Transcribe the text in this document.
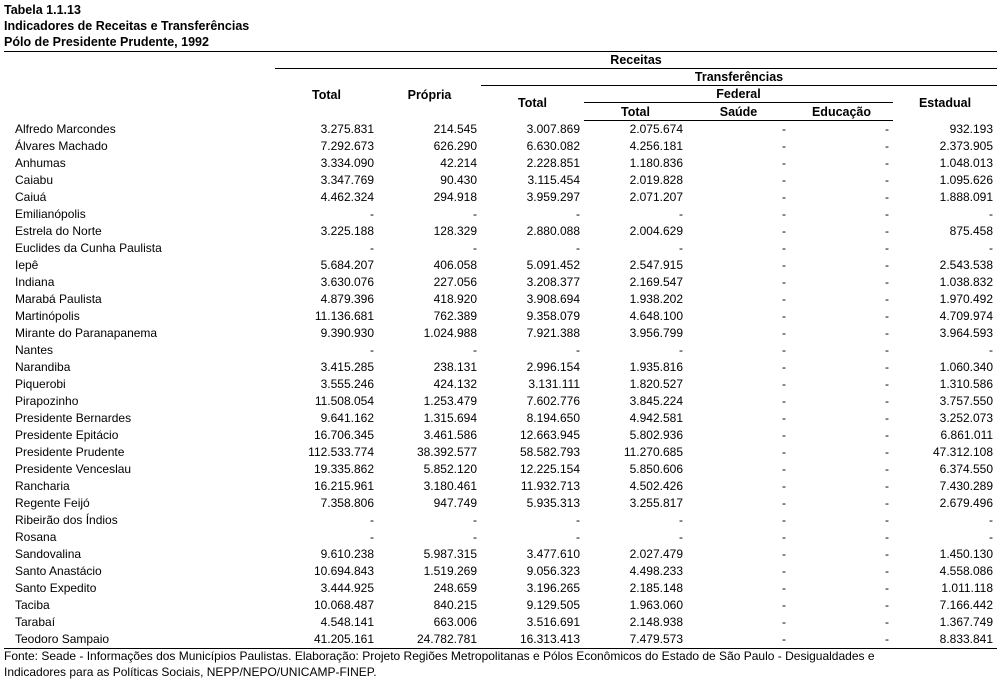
Tabela 1.1.13
Indicadores de Receitas e Transferências
Pólo de Presidente Prudente, 1992
	Receitas						
	Total	Própria	Transferências				
			Total	Federal			Estadual
				Total	Saúde	Educação	
Alfredo Marcondes	3.275.831	214.545	3.007.869	2.075.674	-	-	932.193
Álvares Machado	7.292.673	626.290	6.630.082	4.256.181	-	-	2.373.905
Anhumas	3.334.090	42.214	2.228.851	1.180.836	-	-	1.048.013
Caiabu	3.347.769	90.430	3.115.454	2.019.828	-	-	1.095.626
Caiuá	4.462.324	294.918	3.959.297	2.071.207	-	-	1.888.091
Emilianópolis	-	-	-	-	-	-	-
Estrela do Norte	3.225.188	128.329	2.880.088	2.004.629	-	-	875.458
Euclides da Cunha Paulista	-	-	-	-	-	-	-
Iepê	5.684.207	406.058	5.091.452	2.547.915	-	-	2.543.538
Indiana	3.630.076	227.056	3.208.377	2.169.547	-	-	1.038.832
Marabá Paulista	4.879.396	418.920	3.908.694	1.938.202	-	-	1.970.492
Martinópolis	11.136.681	762.389	9.358.079	4.648.100	-	-	4.709.974
Mirante do Paranapanema	9.390.930	1.024.988	7.921.388	3.956.799	-	-	3.964.593
Nantes	-	-	-	-	-	-	-
Narandiba	3.415.285	238.131	2.996.154	1.935.816	-	-	1.060.340
Piquerobi	3.555.246	424.132	3.131.111	1.820.527	-	-	1.310.586
Pirapozinho	11.508.054	1.253.479	7.602.776	3.845.224	-	-	3.757.550
Presidente Bernardes	9.641.162	1.315.694	8.194.650	4.942.581	-	-	3.252.073
Presidente Epitácio	16.706.345	3.461.586	12.663.945	5.802.936	-	-	6.861.011
Presidente Prudente	112.533.774	38.392.577	58.582.793	11.270.685	-	-	47.312.108
Presidente Venceslau	19.335.862	5.852.120	12.225.154	5.850.606	-	-	6.374.550
Rancharia	16.215.961	3.180.461	11.932.713	4.502.426	-	-	7.430.289
Regente Feijó	7.358.806	947.749	5.935.313	3.255.817	-	-	2.679.496
Ribeirão dos Índios	-	-	-	-	-	-	-
Rosana	-	-	-	-	-	-	-
Sandovalina	9.610.238	5.987.315	3.477.610	2.027.479	-	-	1.450.130
Santo Anastácio	10.694.843	1.519.269	9.056.323	4.498.233	-	-	4.558.086
Santo Expedito	3.444.925	248.659	3.196.265	2.185.148	-	-	1.011.118
Taciba	10.068.487	840.215	9.129.505	1.963.060	-	-	7.166.442
Tarabaí	4.548.141	663.006	3.516.691	2.148.938	-	-	1.367.749
Teodoro Sampaio	41.205.161	24.782.781	16.313.413	7.479.573	-	-	8.833.841
Fonte: Seade - Informações dos Municípios Paulistas. Elaboração: Projeto Regiões Metropolitanas e Pólos Econômicos do Estado de São Paulo - Desigualdades e
Indicadores para as Políticas Sociais, NEPP/NEPO/UNICAMP-FINEP.
